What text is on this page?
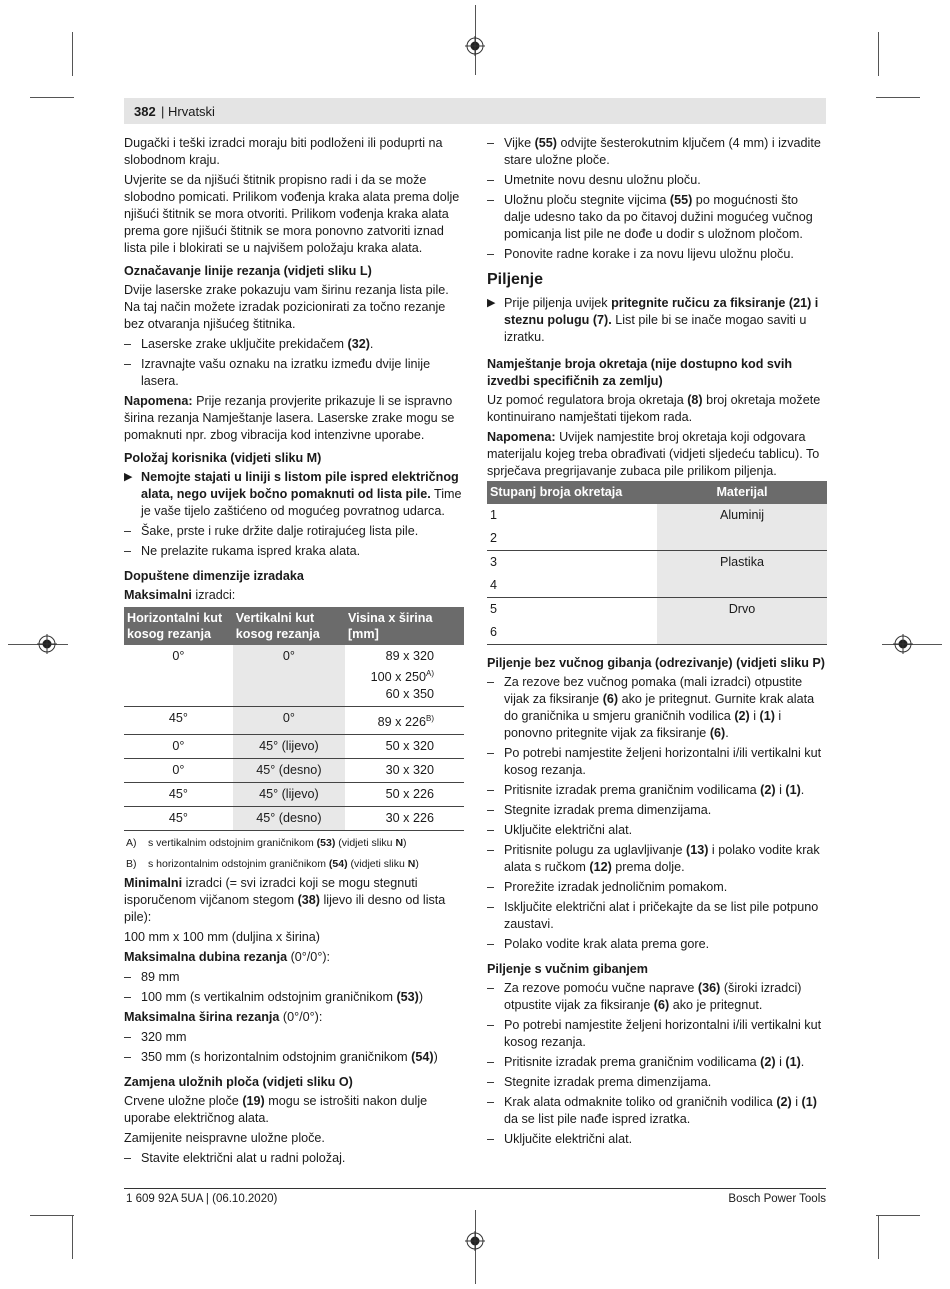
382 | Hrvatski

Dugački i teški izradci moraju biti podloženi ili poduprti na slobodnom kraju.

Uvjerite se da njišući štitnik propisno radi i da se može slobodno pomicati. Prilikom vođenja kraka alata prema dolje njišući štitnik se mora otvoriti. Prilikom vođenja kraka alata prema gore njišući štitnik se mora ponovno zatvoriti iznad lista pile i blokirati se u najvišem položaju kraka alata.

Označavanje linije rezanja (vidjeti sliku L)

Dvije laserske zrake pokazuju vam širinu rezanja lista pile. Na taj način možete izradak pozicionirati za točno rezanje bez otvaranja njišućeg štitnika.

– Laserske zrake uključite prekidačem (32).
– Izravnajte vašu oznaku na izratku između dvije linije lasera.

Napomena: Prije rezanja provjerite prikazuje li se ispravno širina rezanja Namještanje lasera. Laserske zrake mogu se pomaknuti npr. zbog vibracija kod intenzivne uporabe.

Položaj korisnika (vidjeti sliku M)
▶ Nemojte stajati u liniji s listom pile ispred električnog alata, nego uvijek bočno pomaknuti od lista pile. Time je vaše tijelo zaštićeno od mogućeg povratnog udarca.
– Šake, prste i ruke držite dalje rotirajućeg lista pile.
– Ne prelazite rukama ispred kraka alata.
Dopuštene dimenzije izradaka

Maksimalni izradci:

Horizontalni kut kosog rezanja	Vertikalni kut kosog rezanja	Visina x širina [mm]
0°	0°	89 x 320
100 x $250^{A)}$
60 x 350

45°	0°	89 x $226^{B)}$
0°	45° (lijevo)	50 x 320
0°	45° (desno)	30 x 320
45°	45° (lijevo)	50 x 226
45°	45° (desno)	30 x 226
A) s vertikalnim odstojnim graničnikom (53) (vidjeti sliku N)
B) s horizontalnim odstojnim graničnikom (54) (vidjeti sliku N)

Minimalni izradci (= svi izradci koji se mogu stegnuti isporučenom vijčanom stegom (38) lijevo ili desno od lista pile):

100 mm x 100 mm (duljina x širina)

Maksimalna dubina rezanja (0°/0°):

– 89 mm
– 100 mm (s vertikalnim odstojnim graničnikom (53))

Maksimalna širina rezanja (0°/0°):

– 320 mm
– 350 mm (s horizontalnim odstojnim graničnikom (54))
Zamjena uložnih ploča (vidjeti sliku O)

Crvene uložne ploče (19) mogu se istrošiti nakon dulje uporabe električnog alata.

Zamijenite neispravne uložne ploče.

– Stavite električni alat u radni položaj.
– Vijke (55) odvijte šesterokutnim ključem (4 mm) i izvadite stare uložne ploče.
– Umetnite novu desnu uložnu ploču.
– Uložnu ploču stegnite vijcima (55) po mogućnosti što dalje udesno tako da po čitavoj dužini mogućeg vučnog pomicanja list pile ne dođe u dodir s uložnom pločom.
– Ponovite radne korake i za novu lijevu uložnu ploču.
Piljenje
▶ Prije piljenja uvijek pritegnite ručicu za fiksiranje (21) i steznu polugu (7). List pile bi se inače mogao saviti u izratku.
Namještanje broja okretaja (nije dostupno kod svih izvedbi specifičnih za zemlju)

Uz pomoć regulatora broja okretaja (8) broj okretaja možete kontinuirano namještati tijekom rada.

Napomena: Uvijek namjestite broj okretaja koji odgovara materijalu kojeg treba obrađivati (vidjeti sljedeću tablicu). To sprječava pregrijavanje zubaca pile prilikom piljenja.

Stupanj broja okretaja	Materijal
1	Aluminij
2	
3	Plastika
4	
5	Drvo
6	
Piljenje bez vučnog gibanja (odrezivanje) (vidjeti sliku P)
– Za rezove bez vučnog pomaka (mali izradci) otpustite vijak za fiksiranje (6) ako je pritegnut. Gurnite krak alata do graničnika u smjeru graničnih vodilica (2) i (1) i ponovno pritegnite vijak za fiksiranje (6).
– Po potrebi namjestite željeni horizontalni i/ili vertikalni kut kosog rezanja.
– Pritisnite izradak prema graničnim vodilicama (2) i (1).
– Stegnite izradak prema dimenzijama.
– Uključite električni alat.
– Pritisnite polugu za uglavljivanje (13) i polako vodite krak alata s ručkom (12) prema dolje.
– Prorežite izradak jednoličnim pomakom.
– Isključite električni alat i pričekajte da se list pile potpuno zaustavi.
– Polako vodite krak alata prema gore.
Piljenje s vučnim gibanjem
– Za rezove pomoću vučne naprave (36) (široki izradci) otpustite vijak za fiksiranje (6) ako je pritegnut.
– Po potrebi namjestite željeni horizontalni i/ili vertikalni kut kosog rezanja.
– Pritisnite izradak prema graničnim vodilicama (2) i (1).
– Stegnite izradak prema dimenzijama.
– Krak alata odmaknite toliko od graničnih vodilica (2) i (1) da se list pile nađe ispred izratka.
– Uključite električni alat.
1 609 92A 5UA | (06.10.2020)	Bosch Power Tools
